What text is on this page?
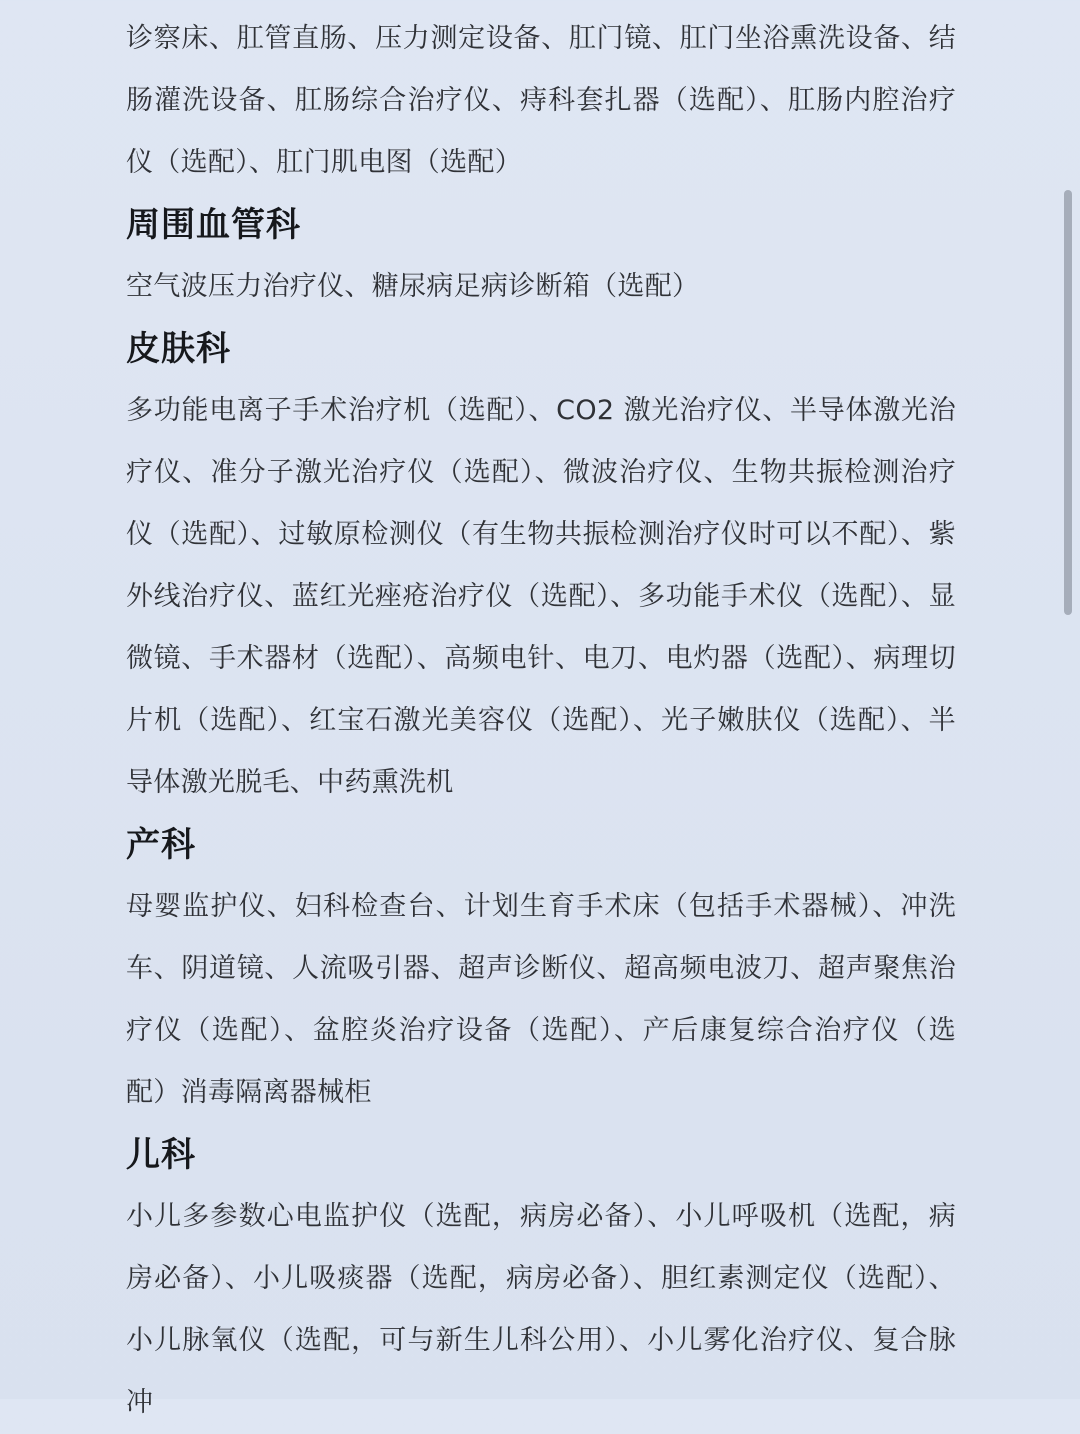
诊察床、肛管直肠、压力测定设备、肛门镜、肛门坐浴熏洗设备、结肠灌洗设备、肛肠综合治疗仪、痔科套扎器（选配）、肛肠内腔治疗仪（选配）、肛门肌电图（选配）

周围血管科

空气波压力治疗仪、糖尿病足病诊断箱（选配）

皮肤科

多功能电离子手术治疗机（选配）、CO2 激光治疗仪、半导体激光治疗仪、准分子激光治疗仪（选配）、微波治疗仪、生物共振检测治疗仪（选配）、过敏原检测仪（有生物共振检测治疗仪时可以不配）、紫外线治疗仪、蓝红光痤疮治疗仪（选配）、多功能手术仪（选配）、显微镜、手术器材（选配）、高频电针、电刀、电灼器（选配）、病理切片机（选配）、红宝石激光美容仪（选配）、光子嫩肤仪（选配）、半导体激光脱毛、中药熏洗机

产科

母婴监护仪、妇科检查台、计划生育手术床（包括手术器械）、冲洗车、阴道镜、人流吸引器、超声诊断仪、超高频电波刀、超声聚焦治疗仪（选配）、盆腔炎治疗设备（选配）、产后康复综合治疗仪（选配）消毒隔离器械柜

儿科

小儿多参数心电监护仪（选配，病房必备）、小儿呼吸机（选配，病房必备）、小儿吸痰器（选配，病房必备）、胆红素测定仪（选配）、小儿脉氧仪（选配，可与新生儿科公用）、小儿雾化治疗仪、复合脉冲
